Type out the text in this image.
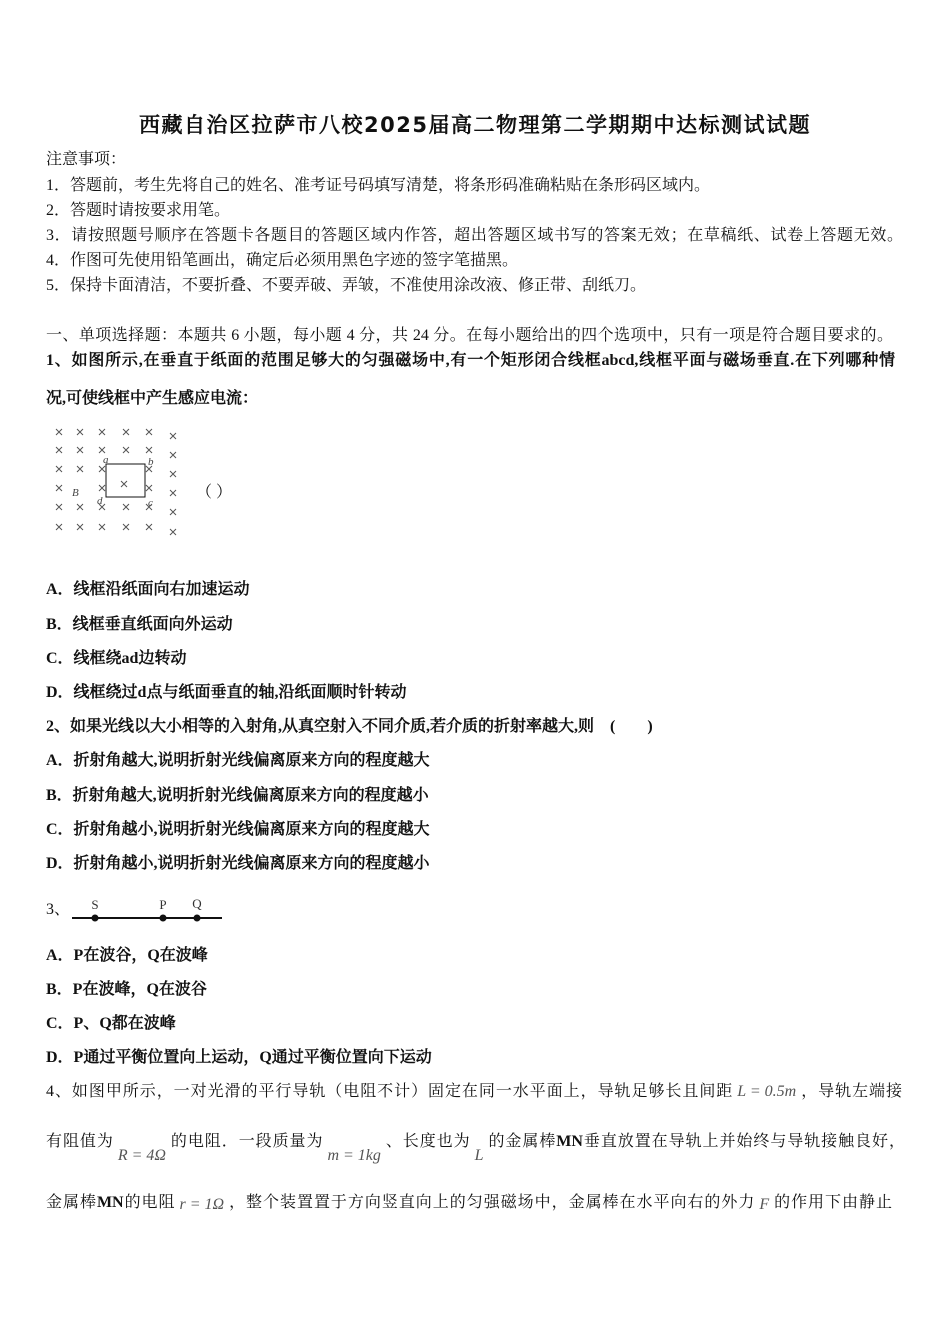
西藏自治区拉萨市八校2025届高二物理第二学期期中达标测试试题
注意事项：
1．答题前，考生先将自己的姓名、准考证号码填写清楚，将条形码准确粘贴在条形码区域内。
2．答题时请按要求用笔。
3．请按照题号顺序在答题卡各题目的答题区域内作答，超出答题区域书写的答案无效；在草稿纸、试卷上答题无效。
4．作图可先使用铅笔画出，确定后必须用黑色字迹的签字笔描黑。
5．保持卡面清洁，不要折叠、不要弄破、弄皱，不准使用涂改液、修正带、刮纸刀。
一、单项选择题：本题共 6 小题，每小题 4 分，共 24 分。在每小题给出的四个选项中，只有一项是符合题目要求的。
1、如图所示,在垂直于纸面的范围足够大的匀强磁场中,有一个矩形闭合线框abcd,线框平面与磁场垂直.在下列哪种情
况,可使线框中产生感应电流：
a	b
c
d
B	（ ）
A．线框沿纸面向右加速运动
B．线框垂直纸面向外运动
C．线框绕ad边转动
D．线框绕过d点与纸面垂直的轴,沿纸面顺时针转动
2、如果光线以大小相等的入射角,从真空射入不同介质,若介质的折射率越大,则　(　　)
A．折射角越大,说明折射光线偏离原来方向的程度越大
B．折射角越大,说明折射光线偏离原来方向的程度越小
C．折射角越小,说明折射光线偏离原来方向的程度越大
D．折射角越小,说明折射光线偏离原来方向的程度越小
3、 S	P Q
A．P在波谷，Q在波峰
B．P在波峰，Q在波谷
C．P、Q都在波峰
D．P通过平衡位置向上运动，Q通过平衡位置向下运动
4、如图甲所示，一对光滑的平行导轨（电阻不计）固定在同一水平面上，导轨足够长且间距 L = 0.5m ，导轨左端接
有阻值为R = 4Ω的电阻．一段质量为m = 1kg、长度也为L的金属棒MN垂直放置在导轨上并始终与导轨接触良好，
金属棒MN的电阻 r = 1Ω ，整个装置置于方向竖直向上的匀强磁场中，金属棒在水平向右的外力 F 的作用下由静止
